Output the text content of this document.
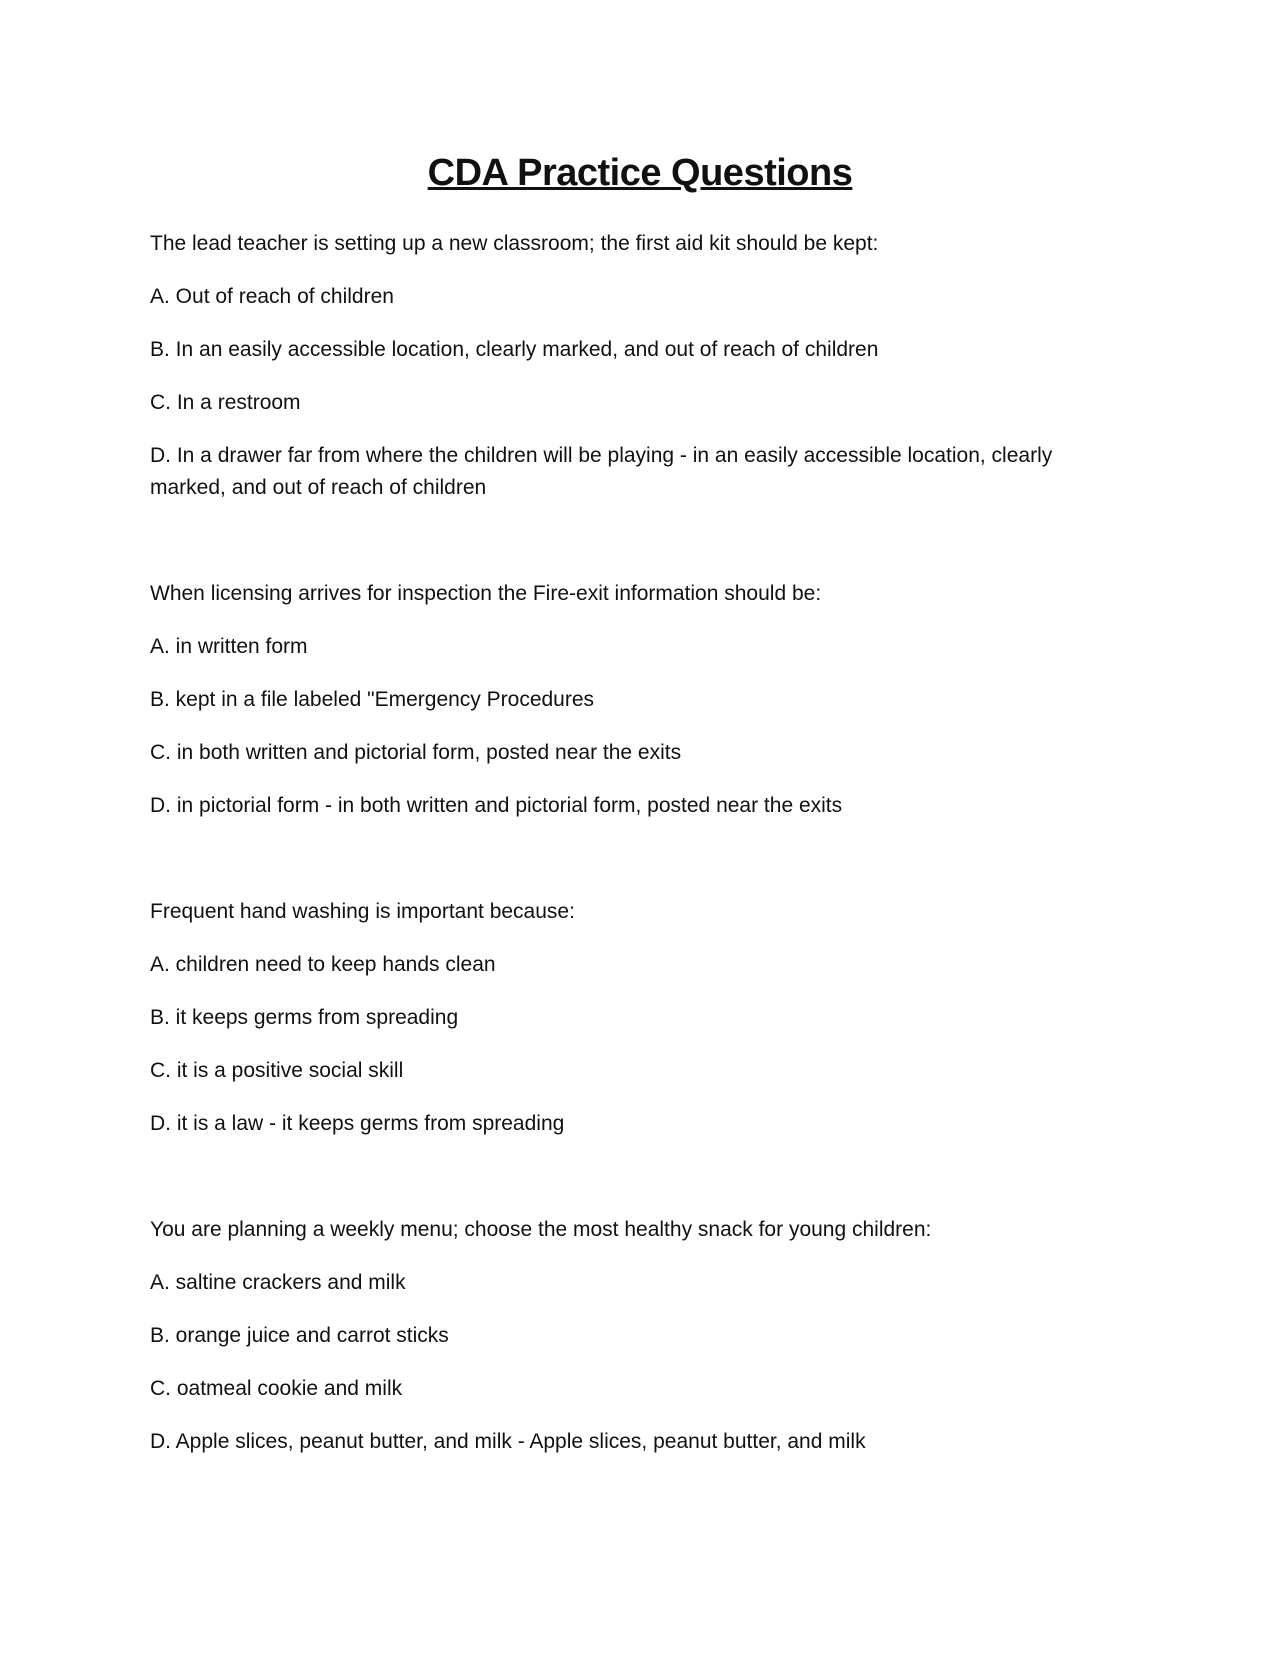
CDA Practice Questions
The lead teacher is setting up a new classroom; the first aid kit should be kept:
A. Out of reach of children
B. In an easily accessible location, clearly marked, and out of reach of children
C. In a restroom
D. In a drawer far from where the children will be playing - in an easily accessible location, clearly marked, and out of reach of children
When licensing arrives for inspection the Fire-exit information should be:
A. in written form
B. kept in a file labeled "Emergency Procedures
C. in both written and pictorial form, posted near the exits
D. in pictorial form - in both written and pictorial form, posted near the exits
Frequent hand washing is important because:
A. children need to keep hands clean
B. it keeps germs from spreading
C. it is a positive social skill
D. it is a law - it keeps germs from spreading
You are planning a weekly menu; choose the most healthy snack for young children:
A. saltine crackers and milk
B. orange juice and carrot sticks
C. oatmeal cookie and milk
D. Apple slices, peanut butter, and milk - Apple slices, peanut butter, and milk
